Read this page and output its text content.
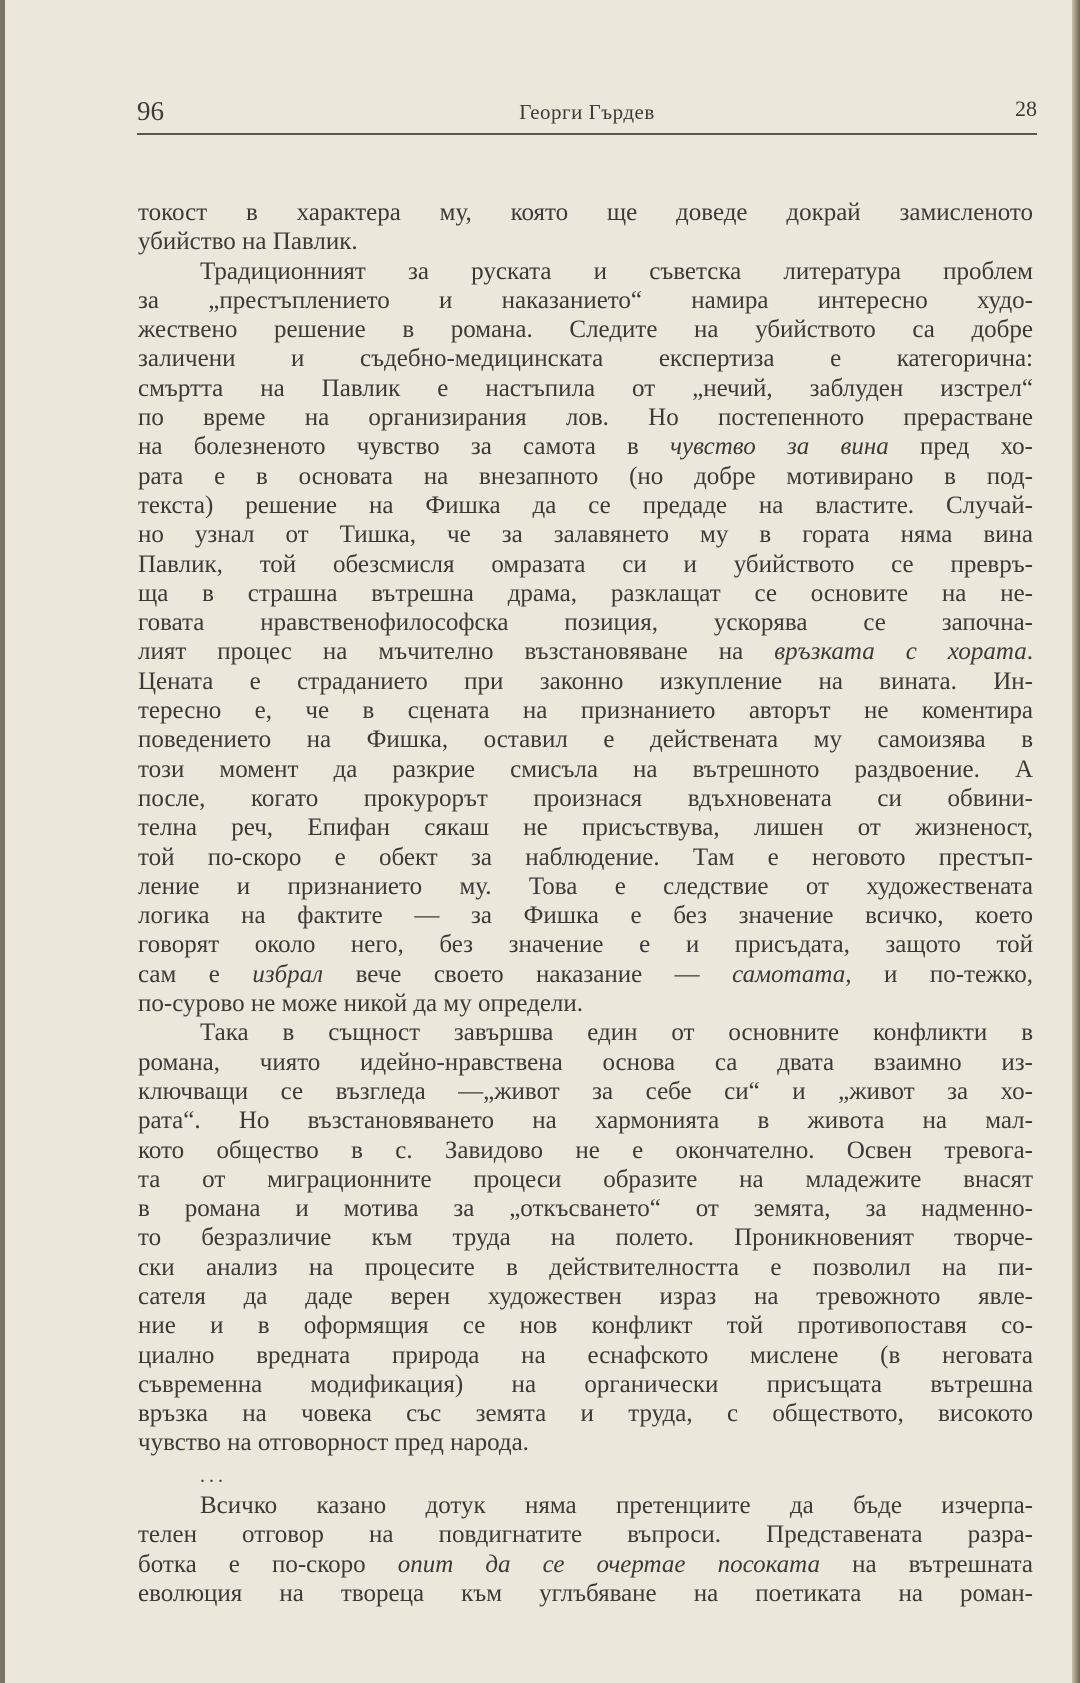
96	Георги Гърдев	28
токост в характера му, която ще доведе докрай замисленото
убийство на Павлик.
Традиционният за руската и съветска литература проблем
за „престъплението и наказанието“ намира интересно худо-
жествено решение в романа. Следите на убийството са добре
заличени и съдебно-медицинската експертиза е категорична:
смъртта на Павлик е настъпила от „нечий, заблуден изстрел“
по време на организирания лов. Но постепенното прерастване
на болезненото чувство за самота в чувство за вина пред хо-
рата е в основата на внезапното (но добре мотивирано в под-
текста) решение на Фишка да се предаде на властите. Случай-
но узнал от Тишка, че за залавянето му в гората няма вина
Павлик, той обезсмисля омразата си и убийството се превръ-
ща в страшна вътрешна драма, разклащат се основите на не-
говата нравственофилософска позиция, ускорява се започна-
лият процес на мъчително възстановяване на връзката с хората.
Цената е страданието при законно изкупление на вината. Ин-
тересно е, че в сцената на признанието авторът не коментира
поведението на Фишка, оставил е действената му самоизява в
този момент да разкрие смисъла на вътрешното раздвоение. А
после, когато прокурорът произнася вдъхновената си обвини-
телна реч, Епифан сякаш не присъствува, лишен от жизненост,
той по-скоро е обект за наблюдение. Там е неговото престъп-
ление и признанието му. Това е следствие от художествената
логика на фактите — за Фишка е без значение всичко, което
говорят около него, без значение е и присъдата, защото той
сам е избрал вече своето наказание — самотата, и по-тежко,
по-сурово не може никой да му определи.
Така в същност завършва един от основните конфликти в
романа, чиято идейно-нравствена основа са двата взаимно из-
ключващи се възгледа —„живот за себе си“ и „живот за хо-
рата“. Но възстановяването на хармонията в живота на мал-
кото общество в с. Завидово не е окончателно. Освен тревога-
та от миграционните процеси образите на младежите внасят
в романа и мотива за „откъсването“ от земята, за надменно-
то безразличие към труда на полето. Проникновеният творче-
ски анализ на процесите в действителността е позволил на пи-
сателя да даде верен художествен израз на тревожното явле-
ние и в оформящия се нов конфликт той противопоставя со-
циално вредната природа на еснафското мислене (в неговата
съвременна модификация) на органически присъщата вътрешна
връзка на човека със земята и труда, с обществото, високото
чувство на отговорност пред народа.
...
Всичко казано дотук няма претенциите да бъде изчерпа-
телен отговор на повдигнатите въпроси. Представената разра-
ботка е по-скоро опит да се очертае посоката на вътрешната
еволюция на твореца към углъбяване на поетиката на роман-
